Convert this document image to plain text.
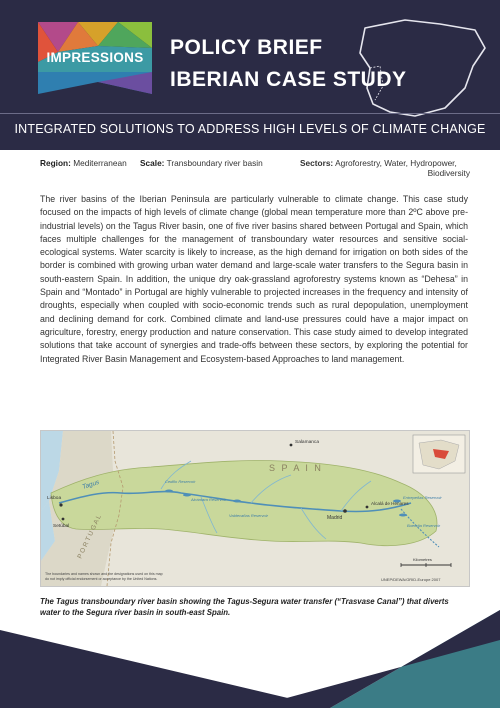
IMPRESSIONS	POLICY BRIEF
IBERIAN CASE STUDY
INTEGRATED SOLUTIONS TO ADDRESS HIGH LEVELS OF CLIMATE CHANGE
Region: Mediterranean Scale: Transboundary river basin	Sectors: Agroforestry, Water, Hydropower,
Biodiversity

The river basins of the Iberian Peninsula are particularly vulnerable to climate change. This case study focused on the impacts of high levels of climate change (global mean temperature more than 2ºC above pre-industrial levels) on the Tagus River basin, one of five river basins shared between Portugal and Spain, which faces multiple challenges for the management of transboundary water resources and sensitive social-ecological systems. Water scarcity is likely to increase, as the high demand for irrigation on both sides of the border is combined with growing urban water demand and large-scale water transfers to the Segura basin in south-eastern Spain. In addition, the unique dry oak-grassland agroforestry systems known as “Dehesa” in Spain and “Montado” in Portugal are highly vulnerable to projected increases in the frequency and intensity of droughts, especially when coupled with socio-economic trends such as rural depopulation, unemployment and declining demand for cork. Combined climate and land-use pressures could have a major impact on agriculture, forestry, energy production and nature conservation. This case study aimed to develop integrated solutions that take account of synergies and trade-offs between these sectors, by exploring the potential for Integrated River Basin Management and Ecosystem-based Approaches to land management.

S P A I N
P O R T U G A L
Tagus
Salamanca
Lisboa
Setúbal
Madrid
Alcalá de Henares
Cedillo Reservoir
Alcántara Reservoir
Valdecañas Reservoir
Entrepeñas Reservoir
Buendía Reservoir
Kilometres
The boundaries and names shown and the designations used on this map
do not imply official endorsement or acceptance by the United Nations.	UNEP/DEWA/GRID-Europe 2007

The Tagus transboundary river basin showing the Tagus-Segura water transfer (“Trasvase Canal”) that diverts water to the Segura river basin in south-east Spain.
